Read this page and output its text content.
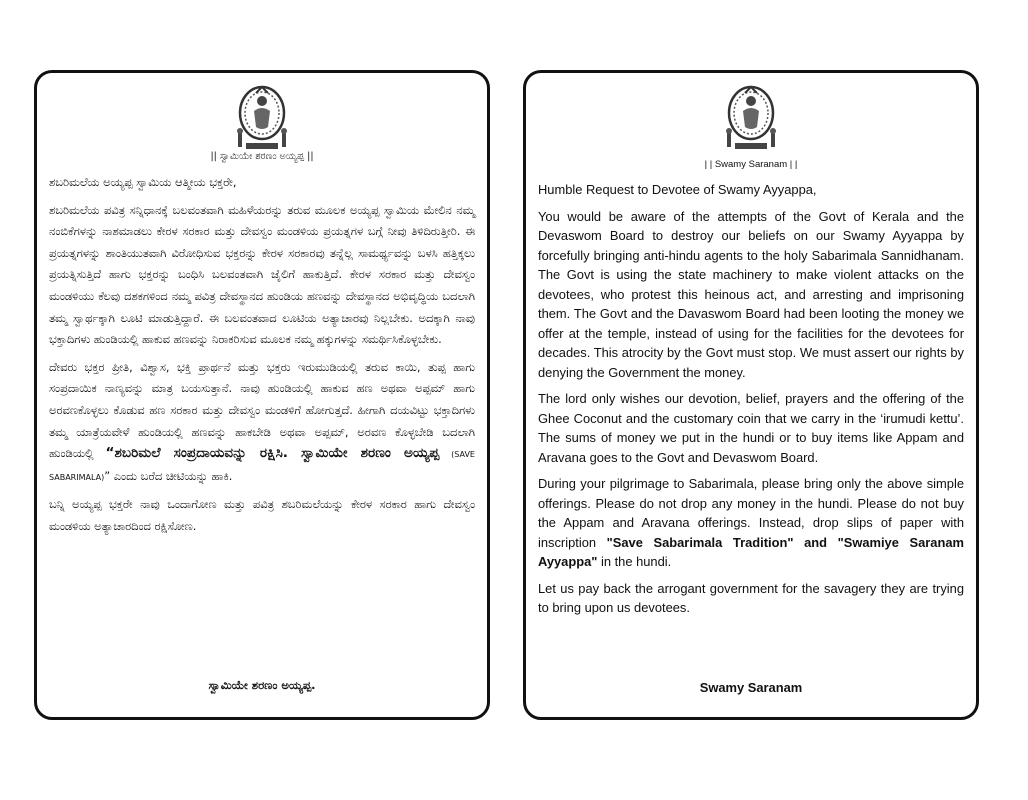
|| ಸ್ವಾಮಿಯೇ ಶರಣಂ ಅಯ್ಯಪ್ಪ ||

ಶಬರಿಮಲೆಯ ಅಯ್ಯಪ್ಪ ಸ್ವಾಮಿಯ ಆತ್ಮೀಯ ಭಕ್ತರೇ,

ಶಬರಿಮಲೆಯ ಪವಿತ್ರ ಸನ್ನಿಧಾನಕ್ಕೆ ಬಲವಂತವಾಗಿ ಮಹಿಳೆಯರನ್ನು ತರುವ ಮೂಲಕ ಅಯ್ಯಪ್ಪ ಸ್ವಾಮಿಯ ಮೇಲಿನ ನಮ್ಮ ನಂಬಿಕೆಗಳನ್ನು ನಾಶಮಾಡಲು ಕೇರಳ ಸರಕಾರ ಮತ್ತು ದೇವಸ್ವಂ ಮಂಡಳಿಯ ಪ್ರಯತ್ನಗಳ ಬಗ್ಗೆ ನೀವು ತಿಳಿದಿರುತ್ತೀರಿ. ಈ ಪ್ರಯತ್ನಗಳನ್ನು ಶಾಂತಿಯುತವಾಗಿ ವಿರೋಧಿಸುವ ಭಕ್ತರನ್ನು ಕೇರಳ ಸರಕಾರವು ತನ್ನೆಲ್ಲ ಸಾಮರ್ಥ್ಯವನ್ನು ಬಳಸಿ ಹತ್ತಿಕ್ಕಲು ಪ್ರಯತ್ನಿಸುತ್ತಿದೆ ಹಾಗು ಭಕ್ತರನ್ನು ಬಂಧಿಸಿ ಬಲವಂತವಾಗಿ ಜೈಲಿಗೆ ಹಾಕುತ್ತಿದೆ. ಕೇರಳ ಸರಕಾರ ಮತ್ತು ದೇವಸ್ವಂ ಮಂಡಳಿಯು ಕೆಲವು ದಶಕಗಳಿಂದ ನಮ್ಮ ಪವಿತ್ರ ದೇವಸ್ಥಾನದ ಹುಂಡಿಯ ಹಣವನ್ನು ದೇವಸ್ಥಾನದ ಅಭಿವೃದ್ಧಿಯ ಬದಲಾಗಿ ತಮ್ಮ ಸ್ವಾರ್ಥಕ್ಕಾಗಿ ಲೂಟಿ ಮಾಡುತ್ತಿದ್ದಾರೆ. ಈ ಬಲವಂತವಾದ ಲೂಟಿಯ ಅತ್ಯಾಚಾರವು ನಿಲ್ಲಬೇಕು. ಅದಕ್ಕಾಗಿ ನಾವು ಭಕ್ತಾದಿಗಳು ಹುಂಡಿಯಲ್ಲಿ ಹಾಕುವ ಹಣವನ್ನು ನಿರಾಕರಿಸುವ ಮೂಲಕ ನಮ್ಮ ಹಕ್ಕುಗಳನ್ನು ಸಮರ್ಥಿಸಿಕೊಳ್ಳಬೇಕು.

ದೇವರು ಭಕ್ತರ ಪ್ರೀತಿ, ವಿಶ್ವಾಸ, ಭಕ್ತಿ ಪ್ರಾರ್ಥನೆ ಮತ್ತು ಭಕ್ತರು ಇರುಮುಡಿಯಲ್ಲಿ ತರುವ ಕಾಯಿ, ತುಪ್ಪ ಹಾಗು ಸಂಪ್ರದಾಯಿಕ ನಾಣ್ಯವನ್ನು ಮಾತ್ರ ಬಯಸುತ್ತಾನೆ. ನಾವು ಹುಂಡಿಯಲ್ಲಿ ಹಾಕುವ ಹಣ ಅಥವಾ ಅಪ್ಪಮ್ ಹಾಗು ಅರವಣಕೊಳ್ಳಲು ಕೊಡುವ ಹಣ ಸರಕಾರ ಮತ್ತು ದೇವಸ್ವಂ ಮಂಡಳಿಗೆ ಹೋಗುತ್ತದೆ. ಹೀಗಾಗಿ ದಯವಿಟ್ಟು ಭಕ್ತಾದಿಗಳು ತಮ್ಮ ಯಾತ್ರೆಯವೇಳೆ ಹುಂಡಿಯಲ್ಲಿ ಹಣವನ್ನು ಹಾಕಬೇಡಿ ಅಥವಾ ಅಪ್ಪಮ್, ಅರವಣ ಕೊಳ್ಳಬೇಡಿ ಬದಲಾಗಿ ಹುಂಡಿಯಲ್ಲಿ “ಶಬರಿಮಲೆ ಸಂಪ್ರದಾಯವನ್ನು ರಕ್ಷಿಸಿ. ಸ್ವಾಮಿಯೇ ಶರಣಂ ಅಯ್ಯಪ್ಪ (SAVE SABARIMALA)” ಎಂದು ಬರೆದ ಚೀಟಿಯನ್ನು ಹಾಕಿ.

ಬನ್ನಿ ಅಯ್ಯಪ್ಪ ಭಕ್ತರೇ ನಾವು ಒಂದಾಗೋಣ ಮತ್ತು ಪವಿತ್ರ ಶಬರಿಮಲೆಯನ್ನು ಕೇರಳ ಸರಕಾರ ಹಾಗು ದೇವಸ್ವಂ ಮಂಡಳಿಯ ಅತ್ಯಾಚಾರದಿಂದ ರಕ್ಷಿಸೋಣ.

ಸ್ವಾಮಿಯೇ ಶರಣಂ ಅಯ್ಯಪ್ಪ.
| | Swamy Saranam | |

Humble Request to Devotee of Swamy Ayyappa,

You would be aware of the attempts of the Govt of Kerala and the Devaswom Board to destroy our beliefs on our Swamy Ayyappa by forcefully bringing anti-hindu agents to the holy Sabarimala Sannidhanam. The Govt is using the state machinery to make violent attacks on the devotees, who protest this heinous act, and arresting and imprisoning them. The Govt and the Davaswom Board had been looting the money we offer at the temple, instead of using for the facilities for the devotees for decades. This atrocity by the Govt must stop. We must assert our rights by denying the Government the money.

The lord only wishes our devotion, belief, prayers and the offering of the Ghee Coconut and the customary coin that we carry in the ‘irumudi kettu’. The sums of money we put in the hundi or to buy items like Appam and Aravana goes to the Govt and Devaswom Board.

During your pilgrimage to Sabarimala, please bring only the above simple offerings. Please do not drop any money in the hundi. Please do not buy the Appam and Aravana offerings. Instead, drop slips of paper with inscription "Save Sabarimala Tradition" and "Swamiye Saranam Ayyappa" in the hundi.

Let us pay back the arrogant government for the savagery they are trying to bring upon us devotees.

Swamy Saranam
